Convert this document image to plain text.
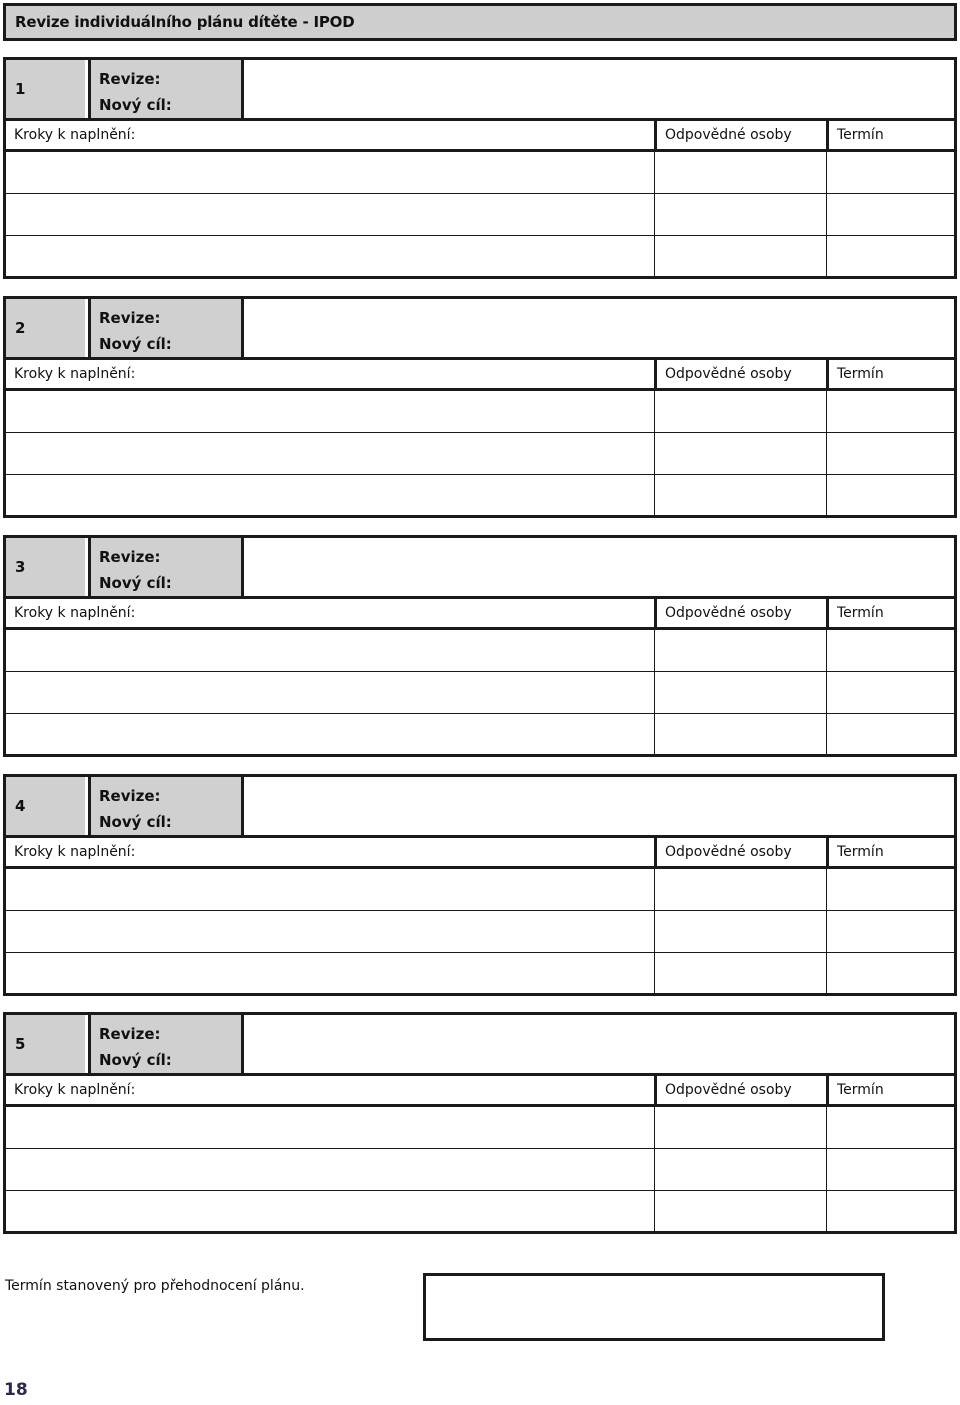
Revize individuálního plánu dítěte - IPOD
1
Revize:
Nový cíl:
Kroky k naplnění:	Odpovědné osoby	Termín
2
Revize:
Nový cíl:
Kroky k naplnění:	Odpovědné osoby	Termín
3
Revize:
Nový cíl:
Kroky k naplnění:	Odpovědné osoby	Termín
4
Revize:
Nový cíl:
Kroky k naplnění:	Odpovědné osoby	Termín
5
Revize:
Nový cíl:
Kroky k naplnění:	Odpovědné osoby	Termín
Termín stanovený pro přehodnocení plánu.
18
